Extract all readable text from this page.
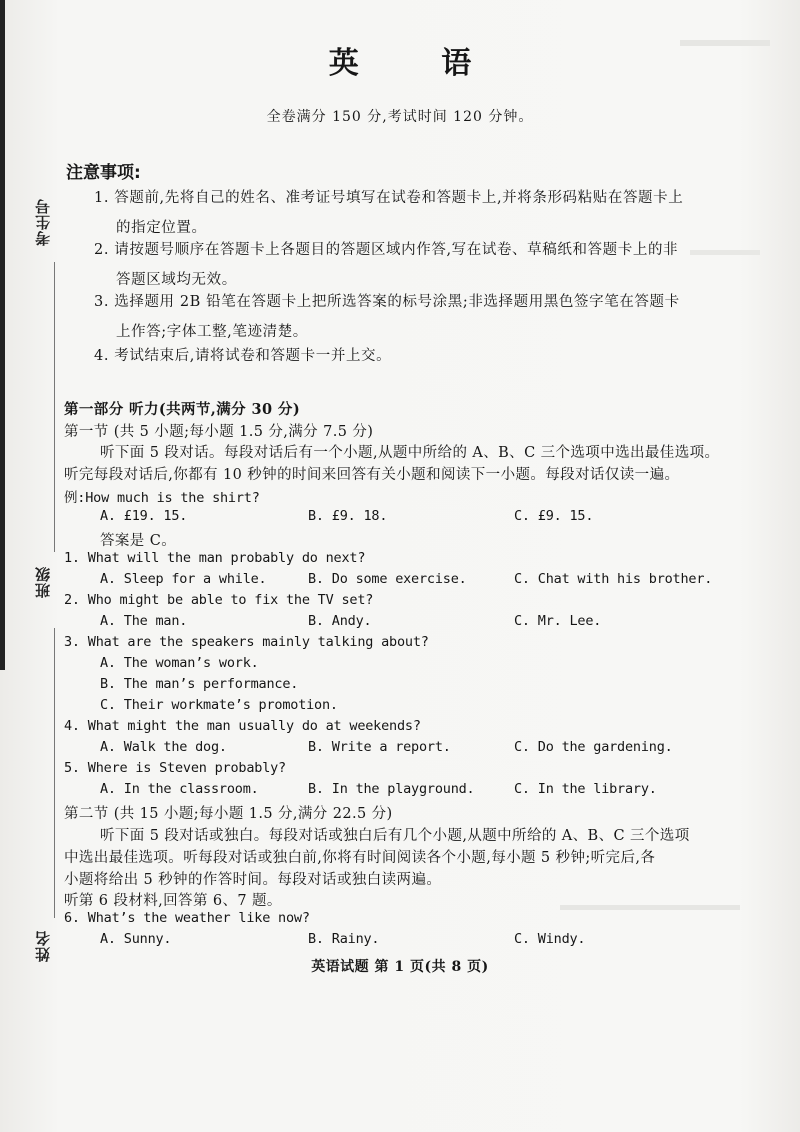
考生号
班级
姓名
英 语
全卷满分 150 分,考试时间 120 分钟。
注意事项:
1. 答题前,先将自己的姓名、准考证号填写在试卷和答题卡上,并将条形码粘贴在答题卡上
的指定位置。
2. 请按题号顺序在答题卡上各题目的答题区域内作答,写在试卷、草稿纸和答题卡上的非
答题区域均无效。
3. 选择题用 2B 铅笔在答题卡上把所选答案的标号涂黑;非选择题用黑色签字笔在答题卡
上作答;字体工整,笔迹清楚。
4. 考试结束后,请将试卷和答题卡一并上交。
第一部分 听力(共两节,满分 30 分)
第一节 (共 5 小题;每小题 1.5 分,满分 7.5 分)
听下面 5 段对话。每段对话后有一个小题,从题中所给的 A、B、C 三个选项中选出最佳选项。
听完每段对话后,你都有 10 秒钟的时间来回答有关小题和阅读下一小题。每段对话仅读一遍。
例:How much is the shirt?
A. £19. 15.	B. £9. 18.	C. £9. 15.
答案是 C。
1. What will the man probably do next?
A. Sleep for a while.	B. Do some exercise.	C. Chat with his brother.
2. Who might be able to fix the TV set?
A. The man.	B. Andy.	C. Mr. Lee.
3. What are the speakers mainly talking about?
A. The woman’s work.
B. The man’s performance.
C. Their workmate’s promotion.
4. What might the man usually do at weekends?
A. Walk the dog.	B. Write a report.	C. Do the gardening.
5. Where is Steven probably?
A. In the classroom.	B. In the playground.	C. In the library.
第二节 (共 15 小题;每小题 1.5 分,满分 22.5 分)
听下面 5 段对话或独白。每段对话或独白后有几个小题,从题中所给的 A、B、C 三个选项
中选出最佳选项。听每段对话或独白前,你将有时间阅读各个小题,每小题 5 秒钟;听完后,各
小题将给出 5 秒钟的作答时间。每段对话或独白读两遍。
听第 6 段材料,回答第 6、7 题。
6. What’s the weather like now?
A. Sunny.	B. Rainy.	C. Windy.
英语试题 第 1 页(共 8 页)
